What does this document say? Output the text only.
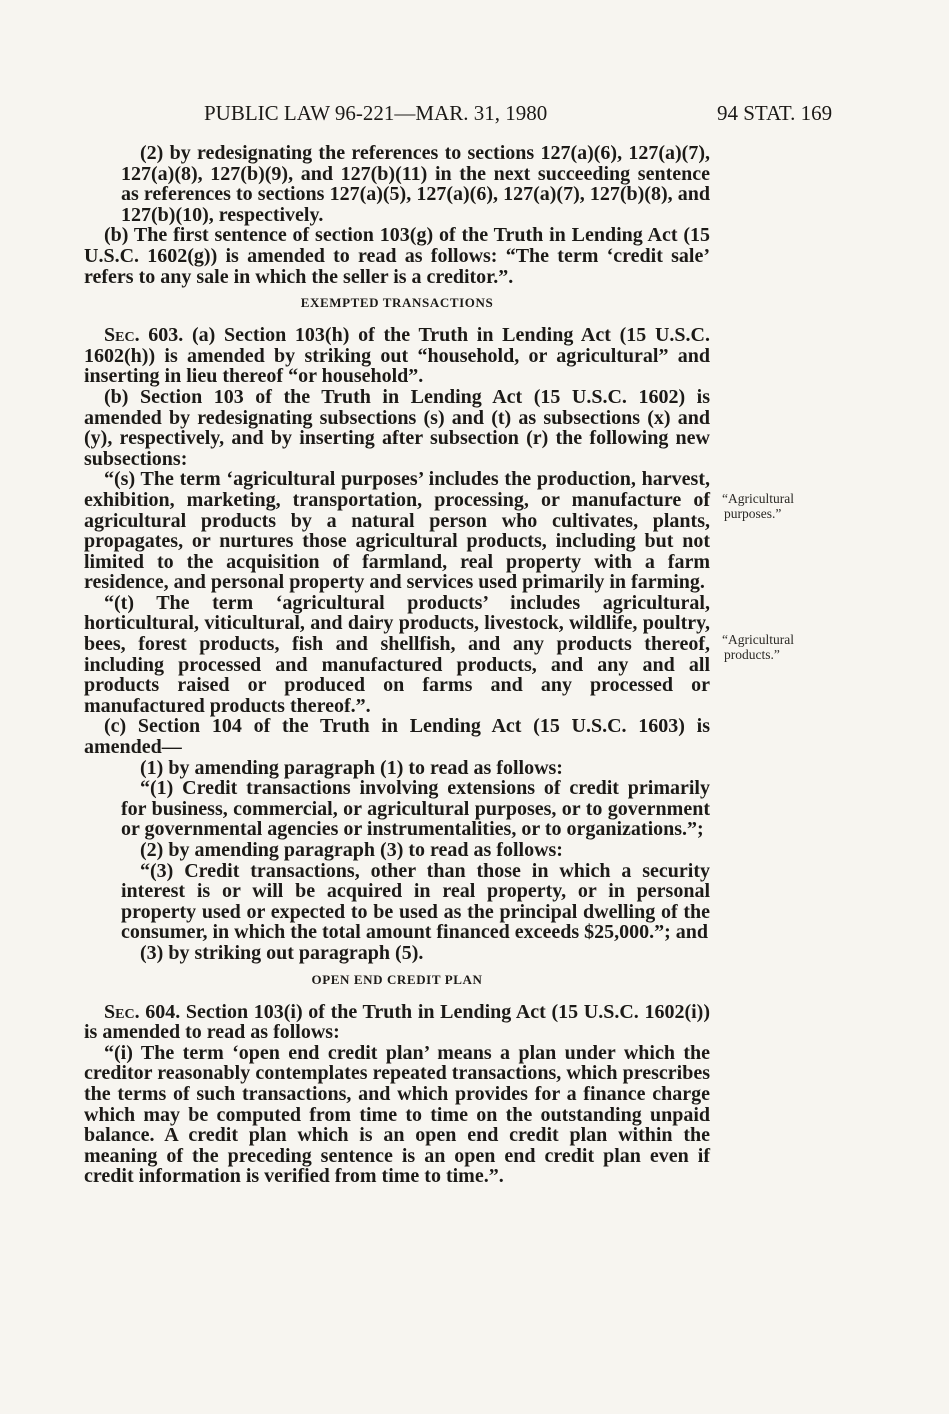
PUBLIC LAW 96-221—MAR. 31, 1980	94 STAT. 169
“Agricultural
purposes.”
“Agricultural
products.”

(2) by redesignating the references to sections 127(a)(6), 127(a)(7), 127(a)(8), 127(b)(9), and 127(b)(11) in the next succeeding sentence as references to sections 127(a)(5), 127(a)(6), 127(a)(7), 127(b)(8), and 127(b)(10), respectively.

(b) The first sentence of section 103(g) of the Truth in Lending Act (15 U.S.C. 1602(g)) is amended to read as follows: “The term ‘credit sale’ refers to any sale in which the seller is a creditor.”.

EXEMPTED TRANSACTIONS

Sec. 603. (a) Section 103(h) of the Truth in Lending Act (15 U.S.C. 1602(h)) is amended by striking out “household, or agricultural” and inserting in lieu thereof “or household”.

(b) Section 103 of the Truth in Lending Act (15 U.S.C. 1602) is amended by redesignating subsections (s) and (t) as subsections (x) and (y), respectively, and by inserting after subsection (r) the following new subsections:

“(s) The term ‘agricultural purposes’ includes the production, harvest, exhibition, marketing, transportation, processing, or manufacture of agricultural products by a natural person who cultivates, plants, propagates, or nurtures those agricultural products, including but not limited to the acquisition of farmland, real property with a farm residence, and personal property and services used primarily in farming.

“(t) The term ‘agricultural products’ includes agricultural, horticultural, viticultural, and dairy products, livestock, wildlife, poultry, bees, forest products, fish and shellfish, and any products thereof, including processed and manufactured products, and any and all products raised or produced on farms and any processed or manufactured products thereof.”.

(c) Section 104 of the Truth in Lending Act (15 U.S.C. 1603) is amended—

(1) by amending paragraph (1) to read as follows:

“(1) Credit transactions involving extensions of credit primarily for business, commercial, or agricultural purposes, or to government or governmental agencies or instrumentalities, or to organizations.”;

(2) by amending paragraph (3) to read as follows:

“(3) Credit transactions, other than those in which a security interest is or will be acquired in real property, or in personal property used or expected to be used as the principal dwelling of the consumer, in which the total amount financed exceeds $25,000.”; and

(3) by striking out paragraph (5).

OPEN END CREDIT PLAN

Sec. 604. Section 103(i) of the Truth in Lending Act (15 U.S.C. 1602(i)) is amended to read as follows:

“(i) The term ‘open end credit plan’ means a plan under which the creditor reasonably contemplates repeated transactions, which prescribes the terms of such transactions, and which provides for a finance charge which may be computed from time to time on the outstanding unpaid balance. A credit plan which is an open end credit plan within the meaning of the preceding sentence is an open end credit plan even if credit information is verified from time to time.”.
